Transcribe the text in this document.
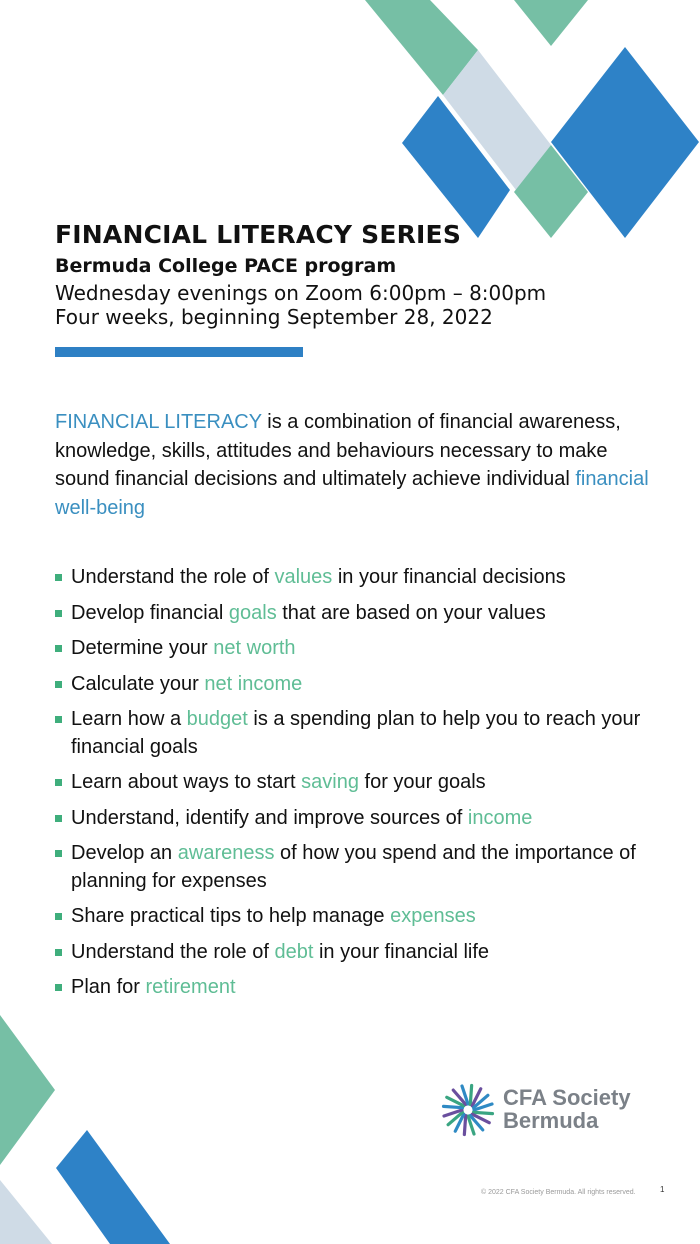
FINANCIAL LITERACY SERIES
Bermuda College PACE program
Wednesday evenings on Zoom 6:00pm – 8:00pm
Four weeks, beginning September 28, 2022

FINANCIAL LITERACY is a combination of financial awareness, knowledge, skills, attitudes and behaviours necessary to make sound financial decisions and ultimately achieve individual financial well-being

Understand the role of values in your financial decisions
Develop financial goals that are based on your values
Determine your net worth
Calculate your net income
Learn how a budget is a spending plan to help you to reach your financial goals
Learn about ways to start saving for your goals
Understand, identify and improve sources of income
Develop an awareness of how you spend and the importance of planning for expenses
Share practical tips to help manage expenses
Understand the role of debt in your financial life
Plan for retirement
CFA Society
Bermuda
© 2022 CFA Society Bermuda. All rights reserved.	1
